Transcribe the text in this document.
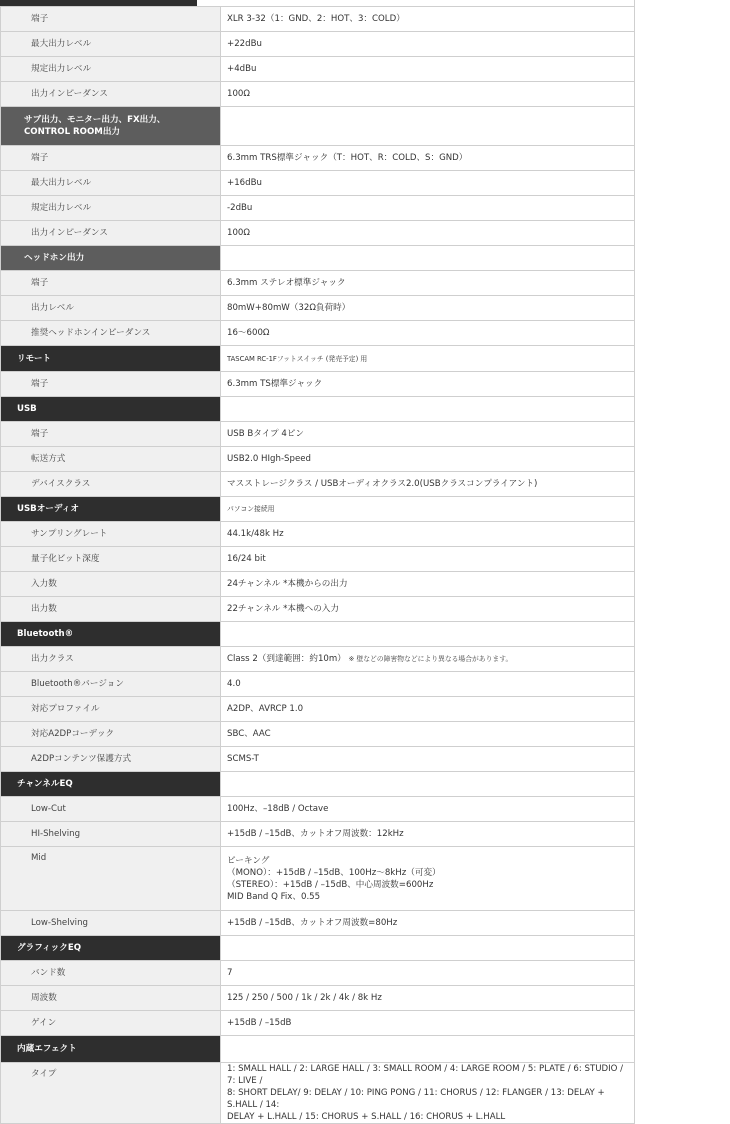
端子	XLR 3-32（1：GND、2：HOT、3：COLD）
最大出力レベル	+22dBu
規定出力レベル	+4dBu
出力インピーダンス	100Ω

サブ出力、モニター出力、FX出力、
CONTROL ROOM出力	

端子	6.3mm TRS標準ジャック（T：HOT、R：COLD、S：GND）
最大出力レベル	+16dBu
規定出力レベル	-2dBu
出力インピーダンス	100Ω
ヘッドホン出力	
端子	6.3mm ステレオ標準ジャック
出力レベル	80mW+80mW（32Ω負荷時）
推奨ヘッドホンインピーダンス	16～600Ω
リモート	TASCAM RC-1Fフットスイッチ (発売予定) 用
端子	6.3mm TS標準ジャック
USB	
端子	USB Bタイプ 4ピン
転送方式	USB2.0 HIgh-Speed
デバイスクラス	マスストレージクラス / USBオーディオクラス2.0(USBクラスコンプライアント)
USBオーディオ	パソコン接続用
サンプリングレート	44.1k/48k Hz
量子化ビット深度	16/24 bit
入力数	24チャンネル *本機からの出力
出力数	22チャンネル *本機への入力
Bluetooth®	
出力クラス	Class 2（到達範囲：約10m） ※ 壁などの障害物などにより異なる場合があります。
Bluetooth®バージョン	4.0
対応プロファイル	A2DP、AVRCP 1.0
対応A2DPコーデック	SBC、AAC
A2DPコンテンツ保護方式	SCMS-T
チャンネルEQ	
Low-Cut	100Hz、–18dB / Octave
HI-Shelving	+15dB / –15dB、カットオフ周波数：12kHz
Mid	ピーキング
（MONO）：+15dB / –15dB、100Hz～8kHz（可変）
（STEREO）：+15dB / –15dB、中心周波数=600Hz
MID Band Q Fix、0.55

Low-Shelving	+15dB / –15dB、カットオフ周波数=80Hz
グラフィックEQ	
バンド数	7
周波数	125 / 250 / 500 / 1k / 2k / 4k / 8k Hz
ゲイン	+15dB / –15dB
内蔵エフェクト	
タイプ	1: SMALL HALL / 2: LARGE HALL / 3: SMALL ROOM / 4: LARGE ROOM / 5: PLATE / 6: STUDIO / 7: LIVE /
8: SHORT DELAY/ 9: DELAY / 10: PING PONG / 11: CHORUS / 12: FLANGER / 13: DELAY + S.HALL / 14:
DELAY + L.HALL / 15: CHORUS + S.HALL / 16: CHORUS + L.HALL
